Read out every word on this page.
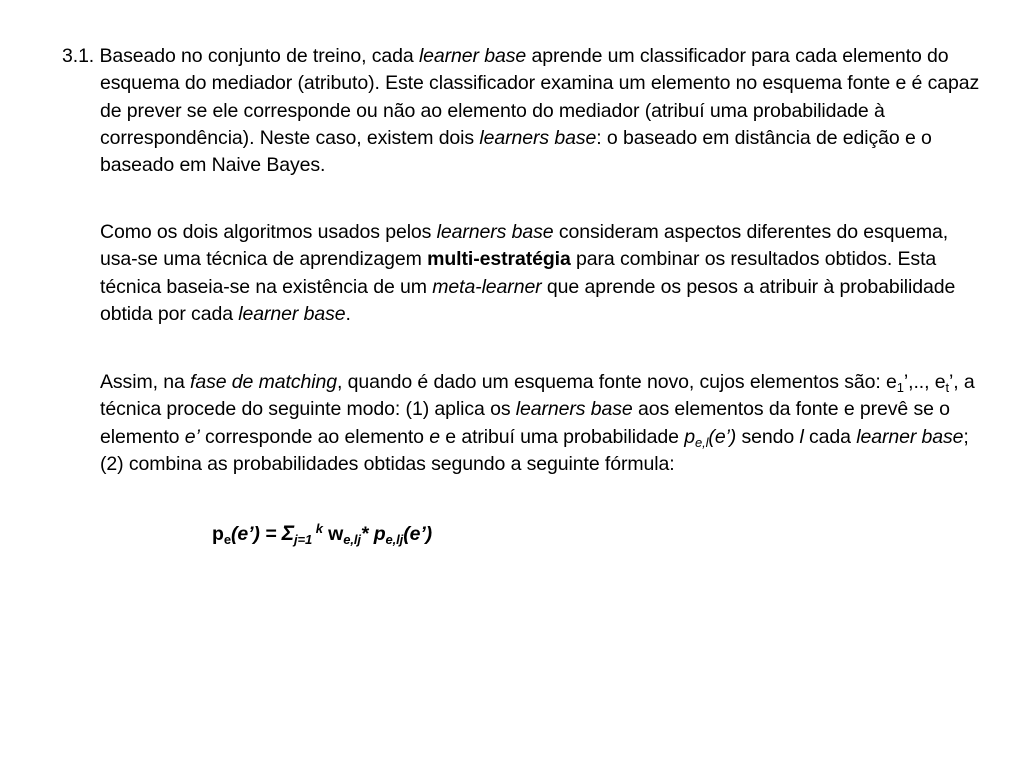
3.1. Baseado no conjunto de treino, cada learner base aprende um classificador para cada elemento do esquema do mediador (atributo). Este classificador examina um elemento no esquema fonte e é capaz de prever se ele corresponde ou não ao elemento do mediador (atribuí uma probabilidade à correspondência). Neste caso, existem dois learners base: o baseado em distância de edição e o baseado em Naive Bayes.

Como os dois algoritmos usados pelos learners base consideram aspectos diferentes do esquema, usa-se uma técnica de aprendizagem multi-estratégia para combinar os resultados obtidos. Esta técnica baseia-se na existência de um meta-learner que aprende os pesos a atribuir à probabilidade obtida por cada learner base.

Assim, na fase de matching, quando é dado um esquema fonte novo, cujos elementos são: $e_1$’,.., $e_t$’, a técnica procede do seguinte modo: (1) aplica os learners base aos elementos da fonte e prevê se o elemento e’ corresponde ao elemento e e atribuí uma probabilidade $p_{e,l}(e’)$ sendo l cada learner base; (2) combina as probabilidades obtidas segundo a seguinte fórmula:

$p_e(e’) = \Sigma_{j=1}$ $^k$ $w_{e,lj}*$ $p_{e,lj}(e’)$
